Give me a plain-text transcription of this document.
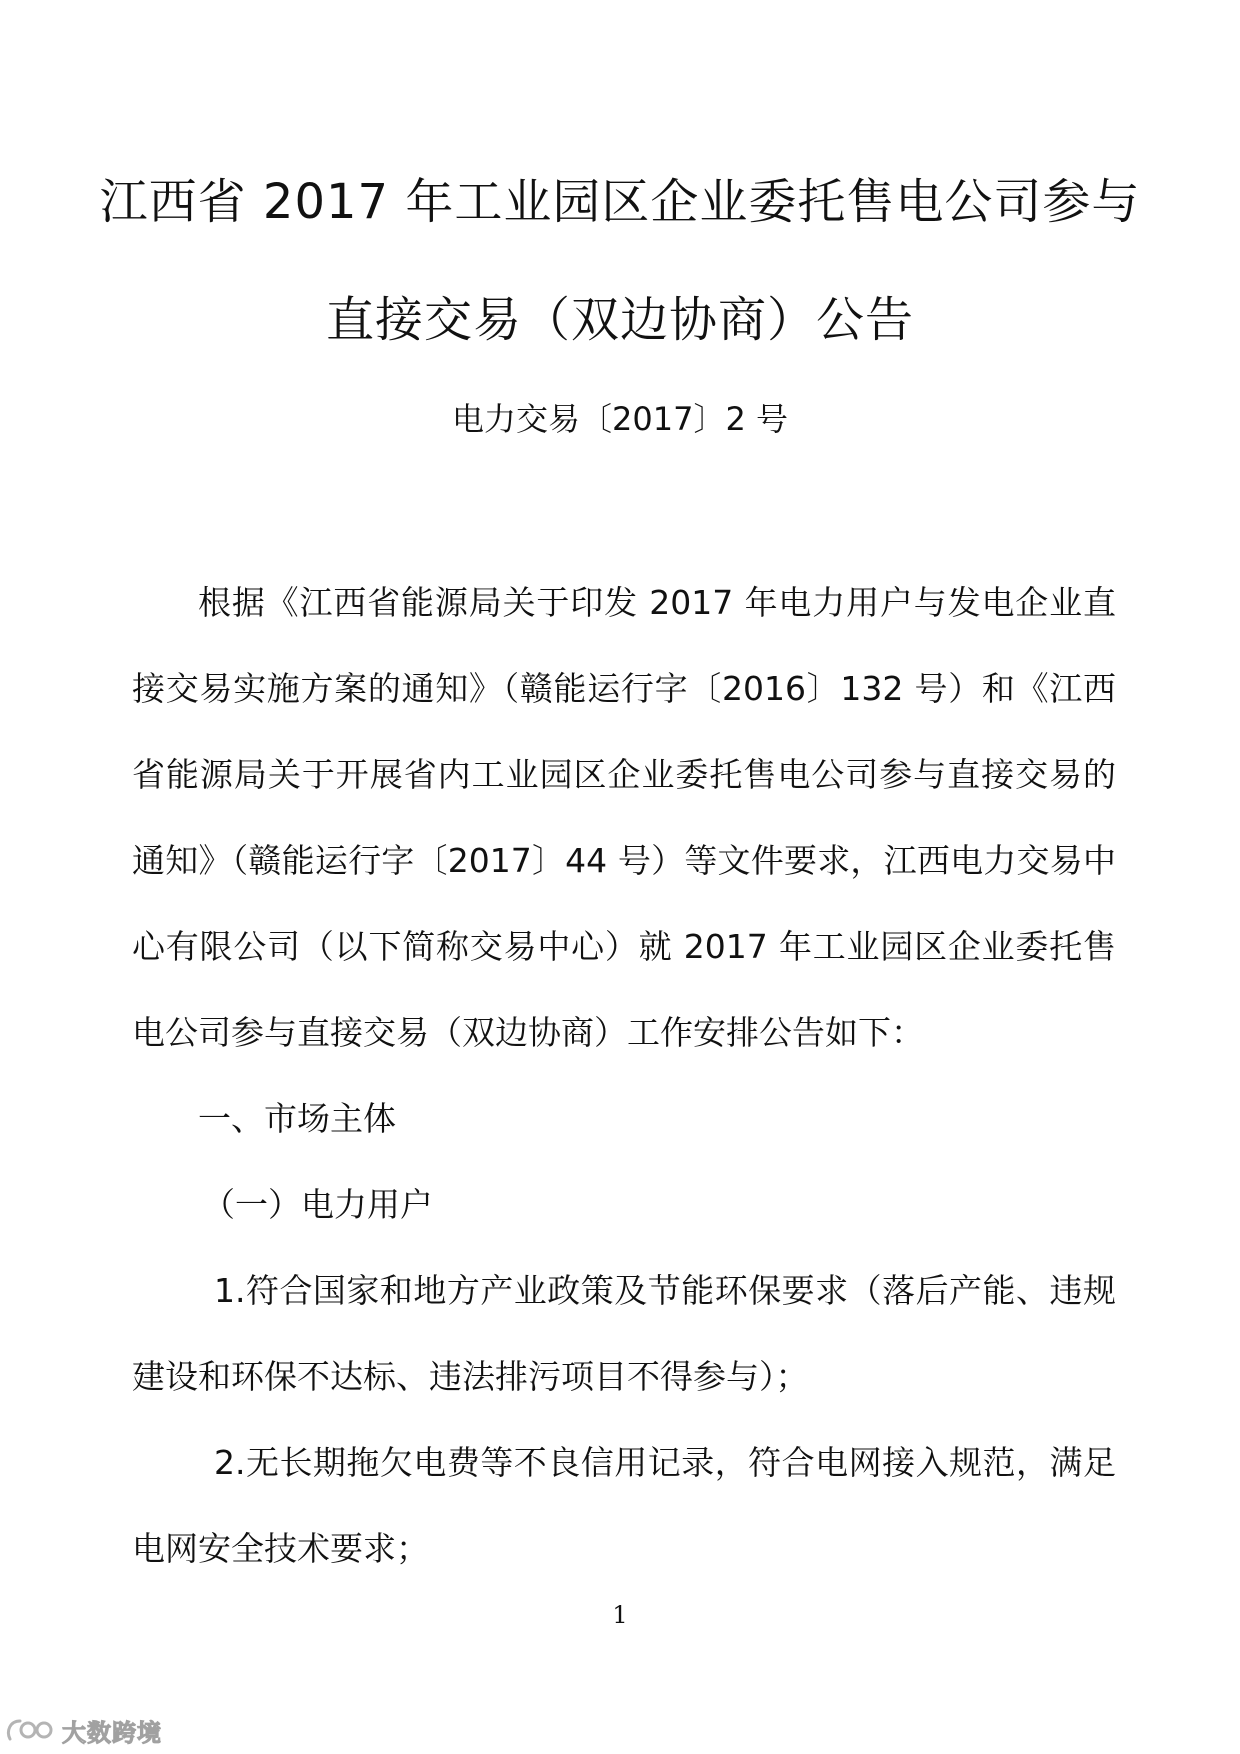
江西省 2017 年工业园区企业委托售电公司参与
直接交易（双边协商）公告
电力交易〔2017〕2 号

根据《江西省能源局关于印发 2017 年电力用户与发电企业直接交易实施方案的通知》（赣能运行字〔2016〕132 号）和《江西省能源局关于开展省内工业园区企业委托售电公司参与直接交易的通知》（赣能运行字〔2017〕44 号）等文件要求，江西电力交易中心有限公司（以下简称交易中心）就 2017 年工业园区企业委托售电公司参与直接交易（双边协商）工作安排公告如下：

一、市场主体

（一）电力用户

1.符合国家和地方产业政策及节能环保要求（落后产能、违规建设和环保不达标、违法排污项目不得参与）；

2.无长期拖欠电费等不良信用记录，符合电网接入规范，满足电网安全技术要求；

1
大数跨境
